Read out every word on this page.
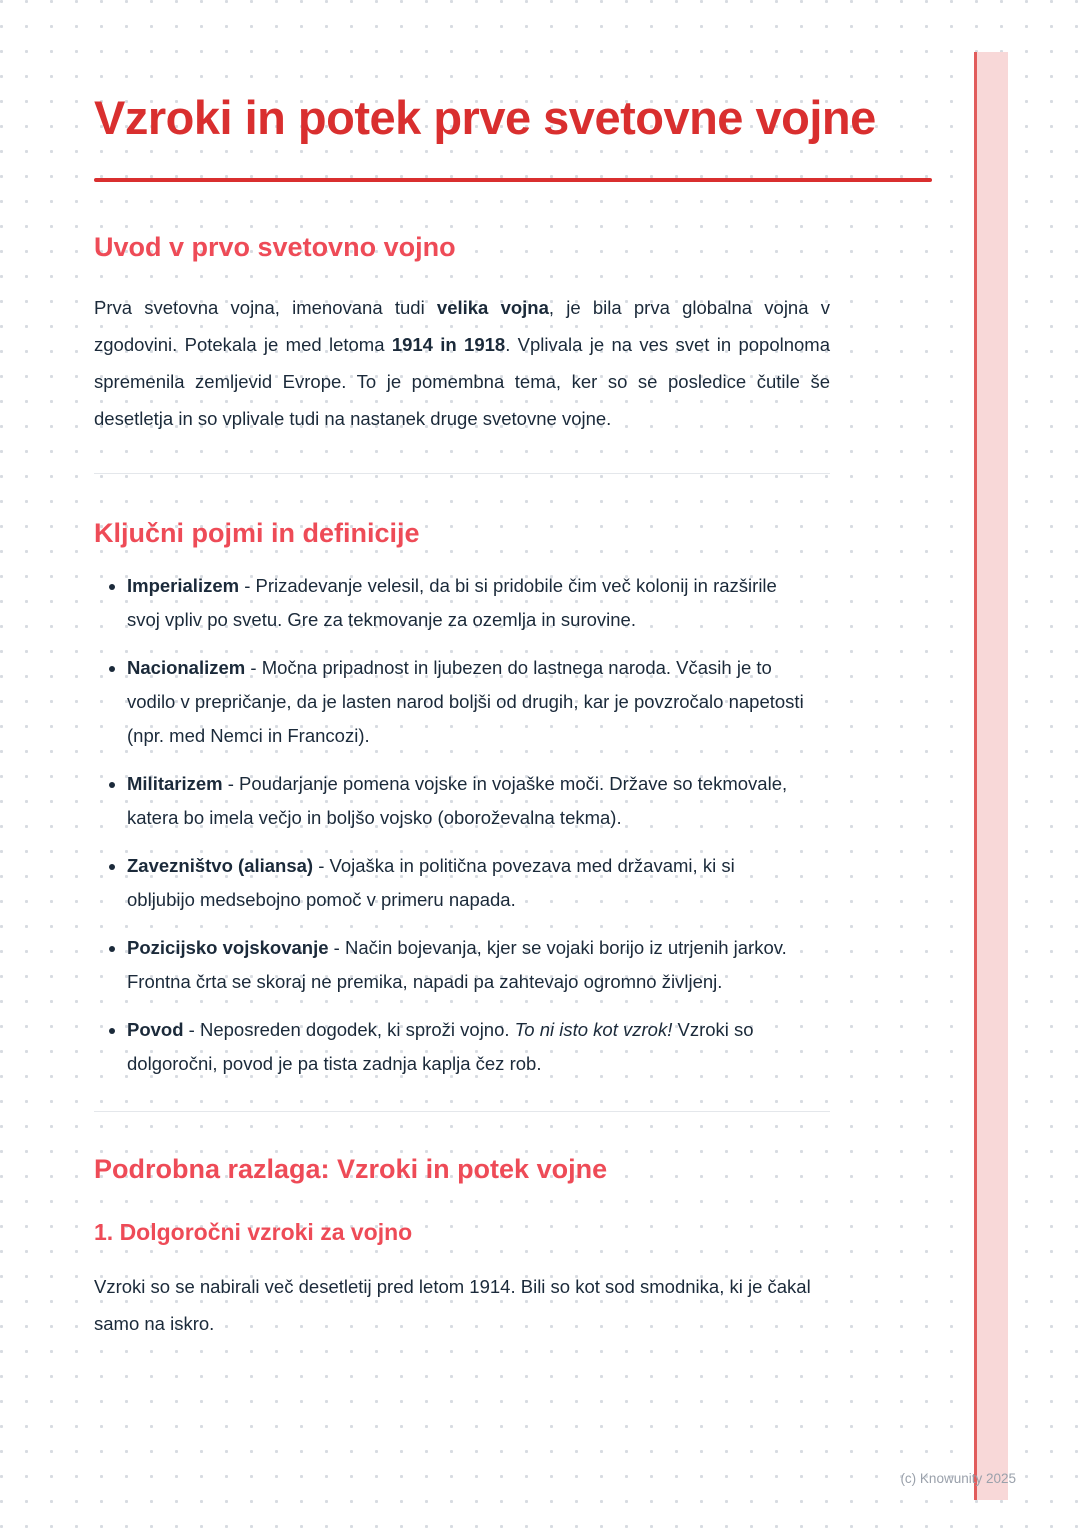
Vzroki in potek prve svetovne vojne
Uvod v prvo svetovno vojno

Prva svetovna vojna, imenovana tudi velika vojna, je bila prva globalna vojna v zgodovini. Potekala je med letoma 1914 in 1918. Vplivala je na ves svet in popolnoma spremenila zemljevid Evrope. To je pomembna tema, ker so se posledice čutile še desetletja in so vplivale tudi na nastanek druge svetovne vojne.

Ključni pojmi in definicije
• Imperializem - Prizadevanje velesil, da bi si pridobile čim več kolonij in razširile svoj vpliv po svetu. Gre za tekmovanje za ozemlja in surovine.
• Nacionalizem - Močna pripadnost in ljubezen do lastnega naroda. Včasih je to vodilo v prepričanje, da je lasten narod boljši od drugih, kar je povzročalo napetosti (npr. med Nemci in Francozi).
• Militarizem - Poudarjanje pomena vojske in vojaške moči. Države so tekmovale, katera bo imela večjo in boljšo vojsko (oboroževalna tekma).
• Zavezništvo (aliansa) - Vojaška in politična povezava med državami, ki si obljubijo medsebojno pomoč v primeru napada.
• Pozicijsko vojskovanje - Način bojevanja, kjer se vojaki borijo iz utrjenih jarkov. Frontna črta se skoraj ne premika, napadi pa zahtevajo ogromno življenj.
• Povod - Neposreden dogodek, ki sproži vojno. To ni isto kot vzrok! Vzroki so dolgoročni, povod je pa tista zadnja kaplja čez rob.
Podrobna razlaga: Vzroki in potek vojne
1. Dolgoročni vzroki za vojno

Vzroki so se nabirali več desetletij pred letom 1914. Bili so kot sod smodnika, ki je čakal samo na iskro.

(c) Knowunity 2025
